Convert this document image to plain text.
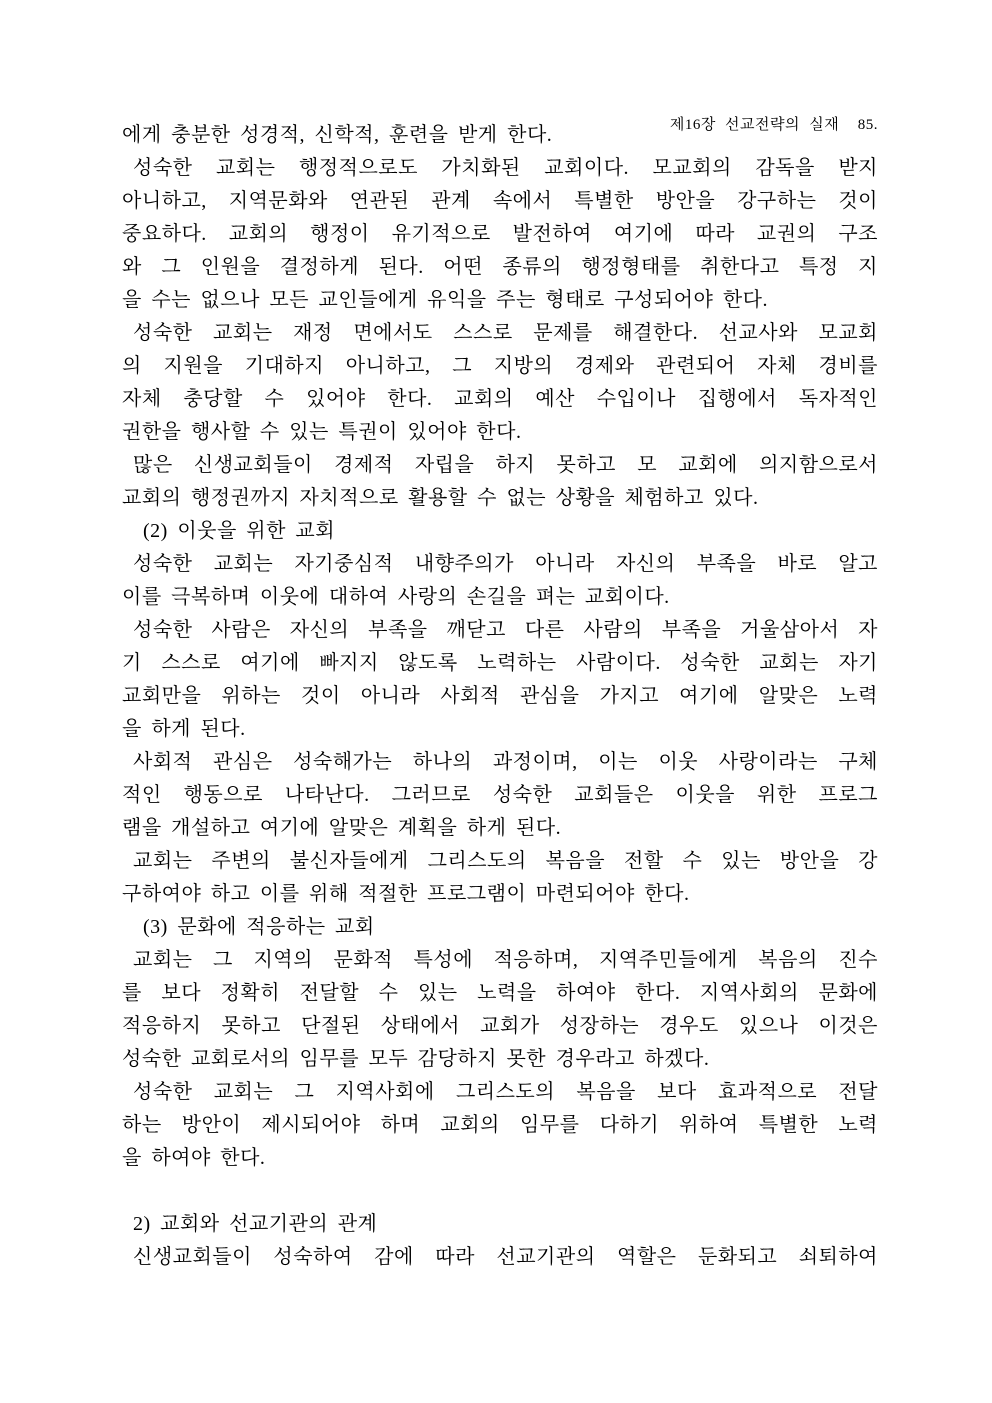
제16장 선교전략의 실재  85.

에게 충분한 성경적, 신학적, 훈련을 받게 한다.
성숙한 교회는 행정적으로도 가치화된 교회이다. 모교회의 감독을 받지
아니하고, 지역문화와 연관된 관계 속에서 특별한 방안을 강구하는 것이
중요하다. 교회의 행정이 유기적으로 발전하여 여기에 따라 교권의 구조
와 그 인원을 결정하게 된다. 어떤 종류의 행정형태를 취한다고 특정 지
을 수는 없으나 모든 교인들에게 유익을 주는 형태로 구성되어야 한다.
성숙한 교회는 재정 면에서도 스스로 문제를 해결한다. 선교사와 모교회
의 지원을 기대하지 아니하고, 그 지방의 경제와 관련되어 자체 경비를
자체 충당할 수 있어야 한다. 교회의 예산 수입이나 집행에서 독자적인
권한을 행사할 수 있는 특권이 있어야 한다.
많은 신생교회들이 경제적 자립을 하지 못하고 모 교회에 의지함으로서
교회의 행정권까지 자치적으로 활용할 수 없는 상황을 체험하고 있다.
(2) 이웃을 위한 교회
성숙한 교회는 자기중심적 내향주의가 아니라 자신의 부족을 바로 알고
이를 극복하며 이웃에 대하여 사랑의 손길을 펴는 교회이다.
성숙한 사람은 자신의 부족을 깨닫고 다른 사람의 부족을 거울삼아서 자
기 스스로 여기에 빠지지 않도록 노력하는 사람이다. 성숙한 교회는 자기
교회만을 위하는 것이 아니라 사회적 관심을 가지고 여기에 알맞은 노력
을 하게 된다.
사회적 관심은 성숙해가는 하나의 과정이며, 이는 이웃 사랑이라는 구체
적인 행동으로 나타난다. 그러므로 성숙한 교회들은 이웃을 위한 프로그
램을 개설하고 여기에 알맞은 계획을 하게 된다.
교회는 주변의 불신자들에게 그리스도의 복음을 전할 수 있는 방안을 강
구하여야 하고 이를 위해 적절한 프로그램이 마련되어야 한다.
(3) 문화에 적응하는 교회
교회는 그 지역의 문화적 특성에 적응하며, 지역주민들에게 복음의 진수
를 보다 정확히 전달할 수 있는 노력을 하여야 한다. 지역사회의 문화에
적응하지 못하고 단절된 상태에서 교회가 성장하는 경우도 있으나 이것은
성숙한 교회로서의 임무를 모두 감당하지 못한 경우라고 하겠다.
성숙한 교회는 그 지역사회에 그리스도의 복음을 보다 효과적으로 전달
하는 방안이 제시되어야 하며 교회의 임무를 다하기 위하여 특별한 노력
을 하여야 한다.

2) 교회와 선교기관의 관계
신생교회들이 성숙하여 감에 따라 선교기관의 역할은 둔화되고 쇠퇴하여
